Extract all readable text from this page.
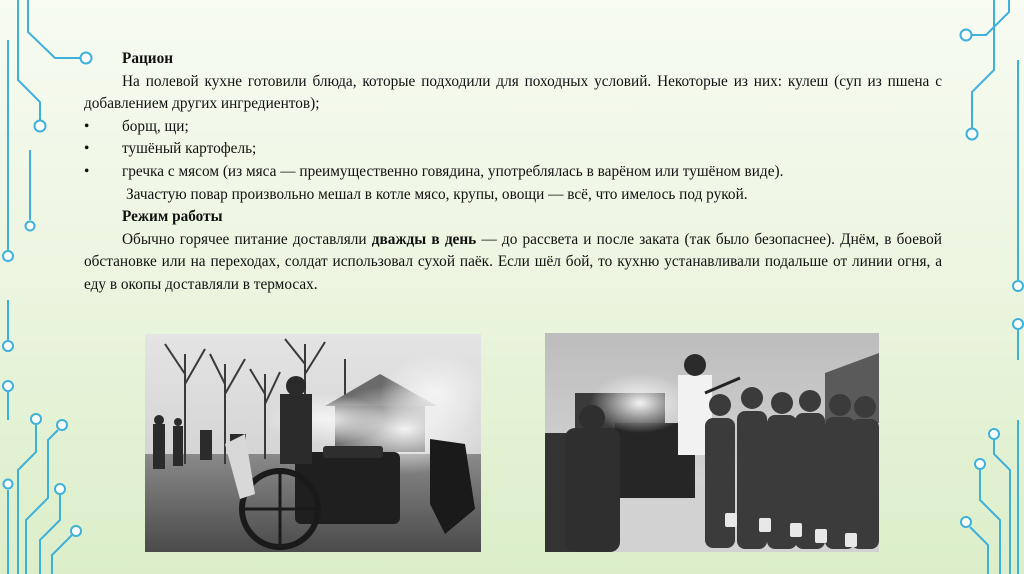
Рацион

На полевой кухне готовили блюда, которые подходили для походных условий. Некоторые из них: кулеш (суп из пшена с добавлением других ингредиентов);

•	борщ, щи;
•	тушёный картофель;
•	гречка с мясом (из мяса — преимущественно говядина, употреблялась в варёном или тушёном виде).

Зачастую повар произвольно мешал в котле мясо, крупы, овощи — всё, что имелось под рукой.

Режим работы

Обычно горячее питание доставляли дважды в день — до рассвета и после заката (так было безопаснее). Днём, в боевой обстановке или на переходах, солдат использовал сухой паёк. Если шёл бой, то кухню устанавливали подальше от линии огня, а еду в окопы доставляли в термосах.
